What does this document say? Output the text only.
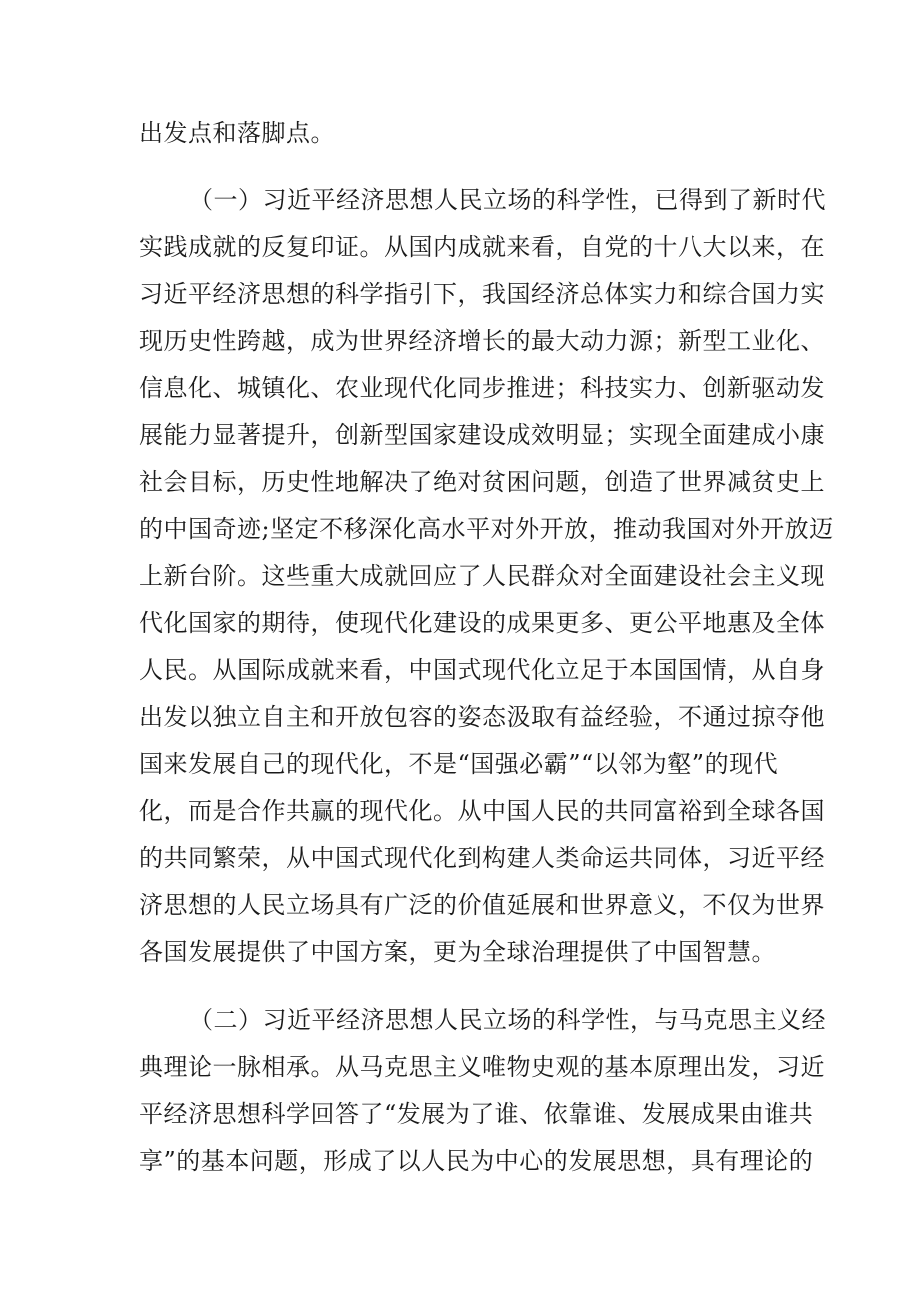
出发点和落脚点。
（一）习近平经济思想人民立场的科学性，已得到了新时代
实践成就的反复印证。从国内成就来看，自党的十八大以来，在
习近平经济思想的科学指引下，我国经济总体实力和综合国力实
现历史性跨越，成为世界经济增长的最大动力源；新型工业化、
信息化、城镇化、农业现代化同步推进；科技实力、创新驱动发
展能力显著提升，创新型国家建设成效明显；实现全面建成小康
社会目标，历史性地解决了绝对贫困问题，创造了世界减贫史上
的中国奇迹;坚定不移深化高水平对外开放，推动我国对外开放迈
上新台阶。这些重大成就回应了人民群众对全面建设社会主义现
代化国家的期待，使现代化建设的成果更多、更公平地惠及全体
人民。从国际成就来看，中国式现代化立足于本国国情，从自身
出发以独立自主和开放包容的姿态汲取有益经验，不通过掠夺他
国来发展自己的现代化，不是“国强必霸”“以邻为壑”的现代
化，而是合作共赢的现代化。从中国人民的共同富裕到全球各国
的共同繁荣，从中国式现代化到构建人类命运共同体，习近平经
济思想的人民立场具有广泛的价值延展和世界意义，不仅为世界
各国发展提供了中国方案，更为全球治理提供了中国智慧。
（二）习近平经济思想人民立场的科学性，与马克思主义经
典理论一脉相承。从马克思主义唯物史观的基本原理出发，习近
平经济思想科学回答了“发展为了谁、依靠谁、发展成果由谁共
享”的基本问题，形成了以人民为中心的发展思想，具有理论的
